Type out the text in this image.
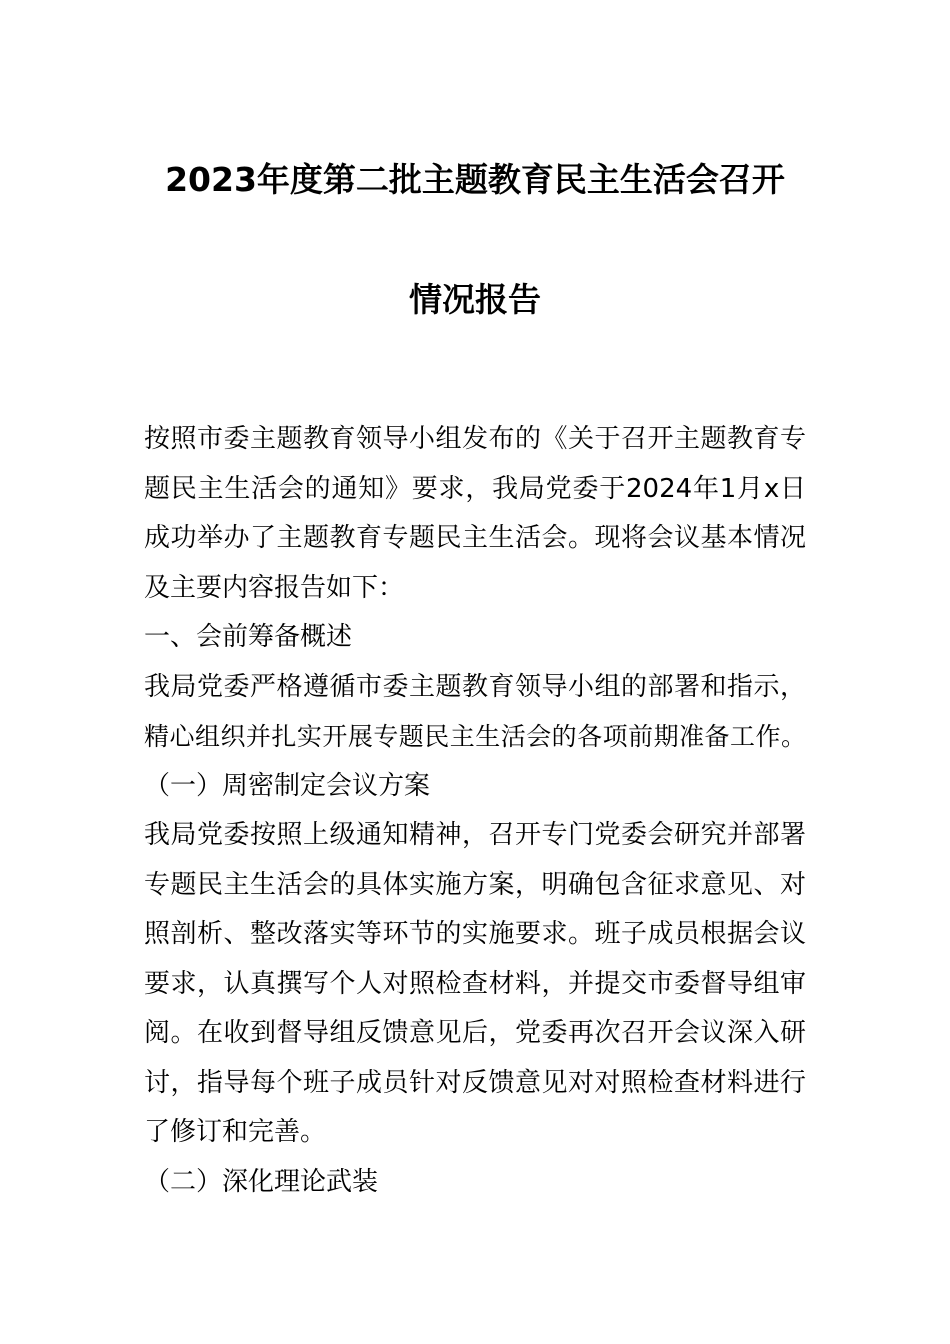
2023年度第二批主题教育民主生活会召开
情况报告
按照市委主题教育领导小组发布的《关于召开主题教育专
题民主生活会的通知》要求，我局党委于2024年1月x日
成功举办了主题教育专题民主生活会。现将会议基本情况
及主要内容报告如下：
一、会前筹备概述
我局党委严格遵循市委主题教育领导小组的部署和指示，
精心组织并扎实开展专题民主生活会的各项前期准备工作。
（一）周密制定会议方案
我局党委按照上级通知精神，召开专门党委会研究并部署
专题民主生活会的具体实施方案，明确包含征求意见、对
照剖析、整改落实等环节的实施要求。班子成员根据会议
要求，认真撰写个人对照检查材料，并提交市委督导组审
阅。在收到督导组反馈意见后，党委再次召开会议深入研
讨，指导每个班子成员针对反馈意见对对照检查材料进行
了修订和完善。
（二）深化理论武装
